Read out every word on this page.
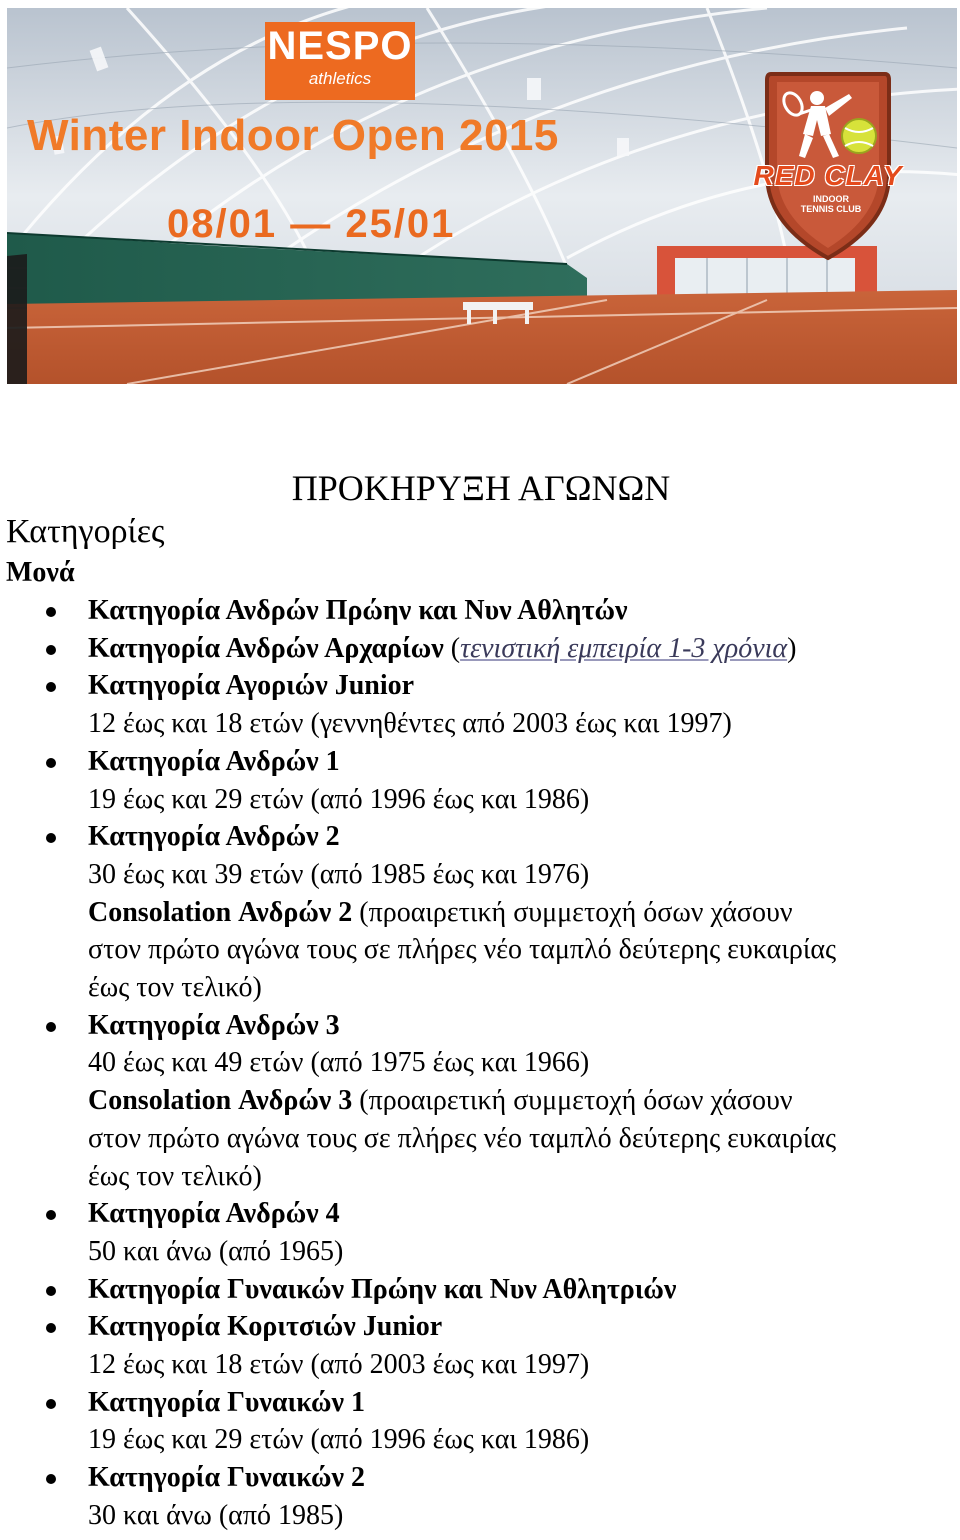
NESPO
athletics
Winter Indoor Open 2015
08/01 — 25/01
RED CLAY
INDOOR
TENNIS CLUB
ΠΡΟΚΗΡΥΞΗ ΑΓΩΝΩΝ
Κατηγορίες
Μονά
Κατηγορία Ανδρών Πρώην και Νυν Αθλητών
Κατηγορία Ανδρών Αρχαρίων (τενιστική εμπειρία 1-3 χρόνια)
Κατηγορία Αγοριών Junior
12 έως και 18 ετών (γεννηθέντες από 2003 έως και 1997)
Κατηγορία Ανδρών 1
19 έως και 29 ετών (από 1996 έως και 1986)
Κατηγορία Ανδρών 2
30 έως και 39 ετών (από 1985 έως και 1976)
Consolation Ανδρών 2 (προαιρετική συμμετοχή όσων χάσουν
στον πρώτο αγώνα τους σε πλήρες νέο ταμπλό δεύτερης ευκαιρίας
έως τον τελικό)
Κατηγορία Ανδρών 3
40 έως και 49 ετών (από 1975 έως και 1966)
Consolation Ανδρών 3 (προαιρετική συμμετοχή όσων χάσουν
στον πρώτο αγώνα τους σε πλήρες νέο ταμπλό δεύτερης ευκαιρίας
έως τον τελικό)
Κατηγορία Ανδρών 4
50 και άνω (από 1965)
Κατηγορία Γυναικών Πρώην και Νυν Αθλητριών
Κατηγορία Κοριτσιών Junior
12 έως και 18 ετών (από 2003 έως και 1997)
Κατηγορία Γυναικών 1
19 έως και 29 ετών (από 1996 έως και 1986)
Κατηγορία Γυναικών 2
30 και άνω (από 1985)
